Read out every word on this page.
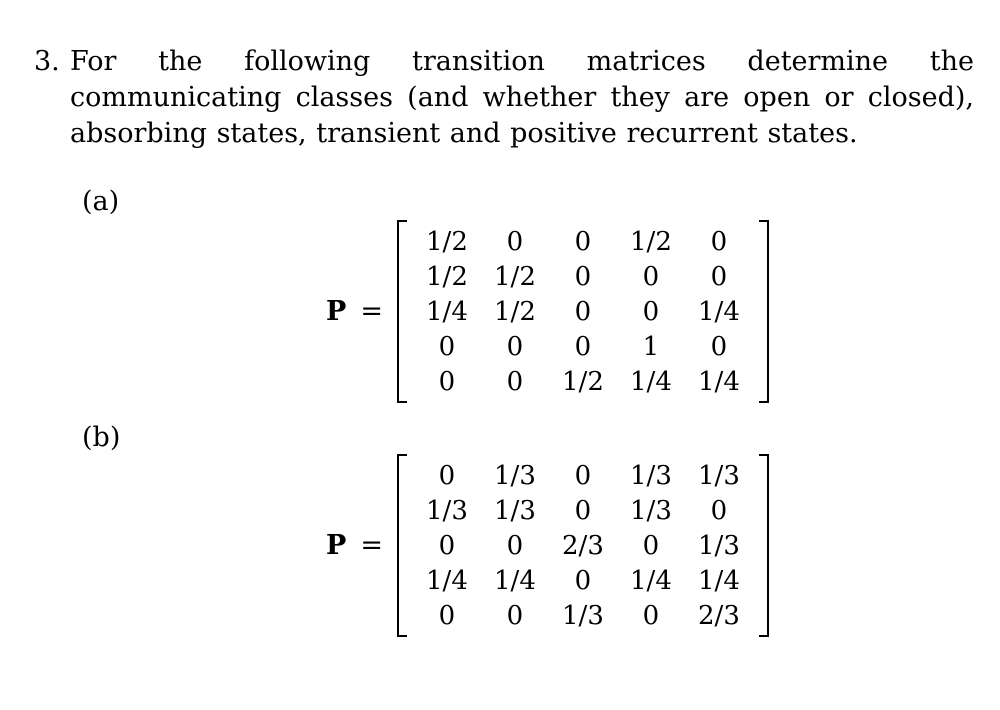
3. For the following transition matrices determine the communicating classes (and whether they are open or closed), absorbing states, transient and positive recurrent states.
(a)
P =
1/2	0	0	1/2	0
1/2	1/2	0	0	0
1/4	1/2	0	0	1/4
0	0	0	1	0
0	0	1/2	1/4	1/4
(b)
P =
0	1/3	0	1/3	1/3
1/3	1/3	0	1/3	0
0	0	2/3	0	1/3
1/4	1/4	0	1/4	1/4
0	0	1/3	0	2/3
